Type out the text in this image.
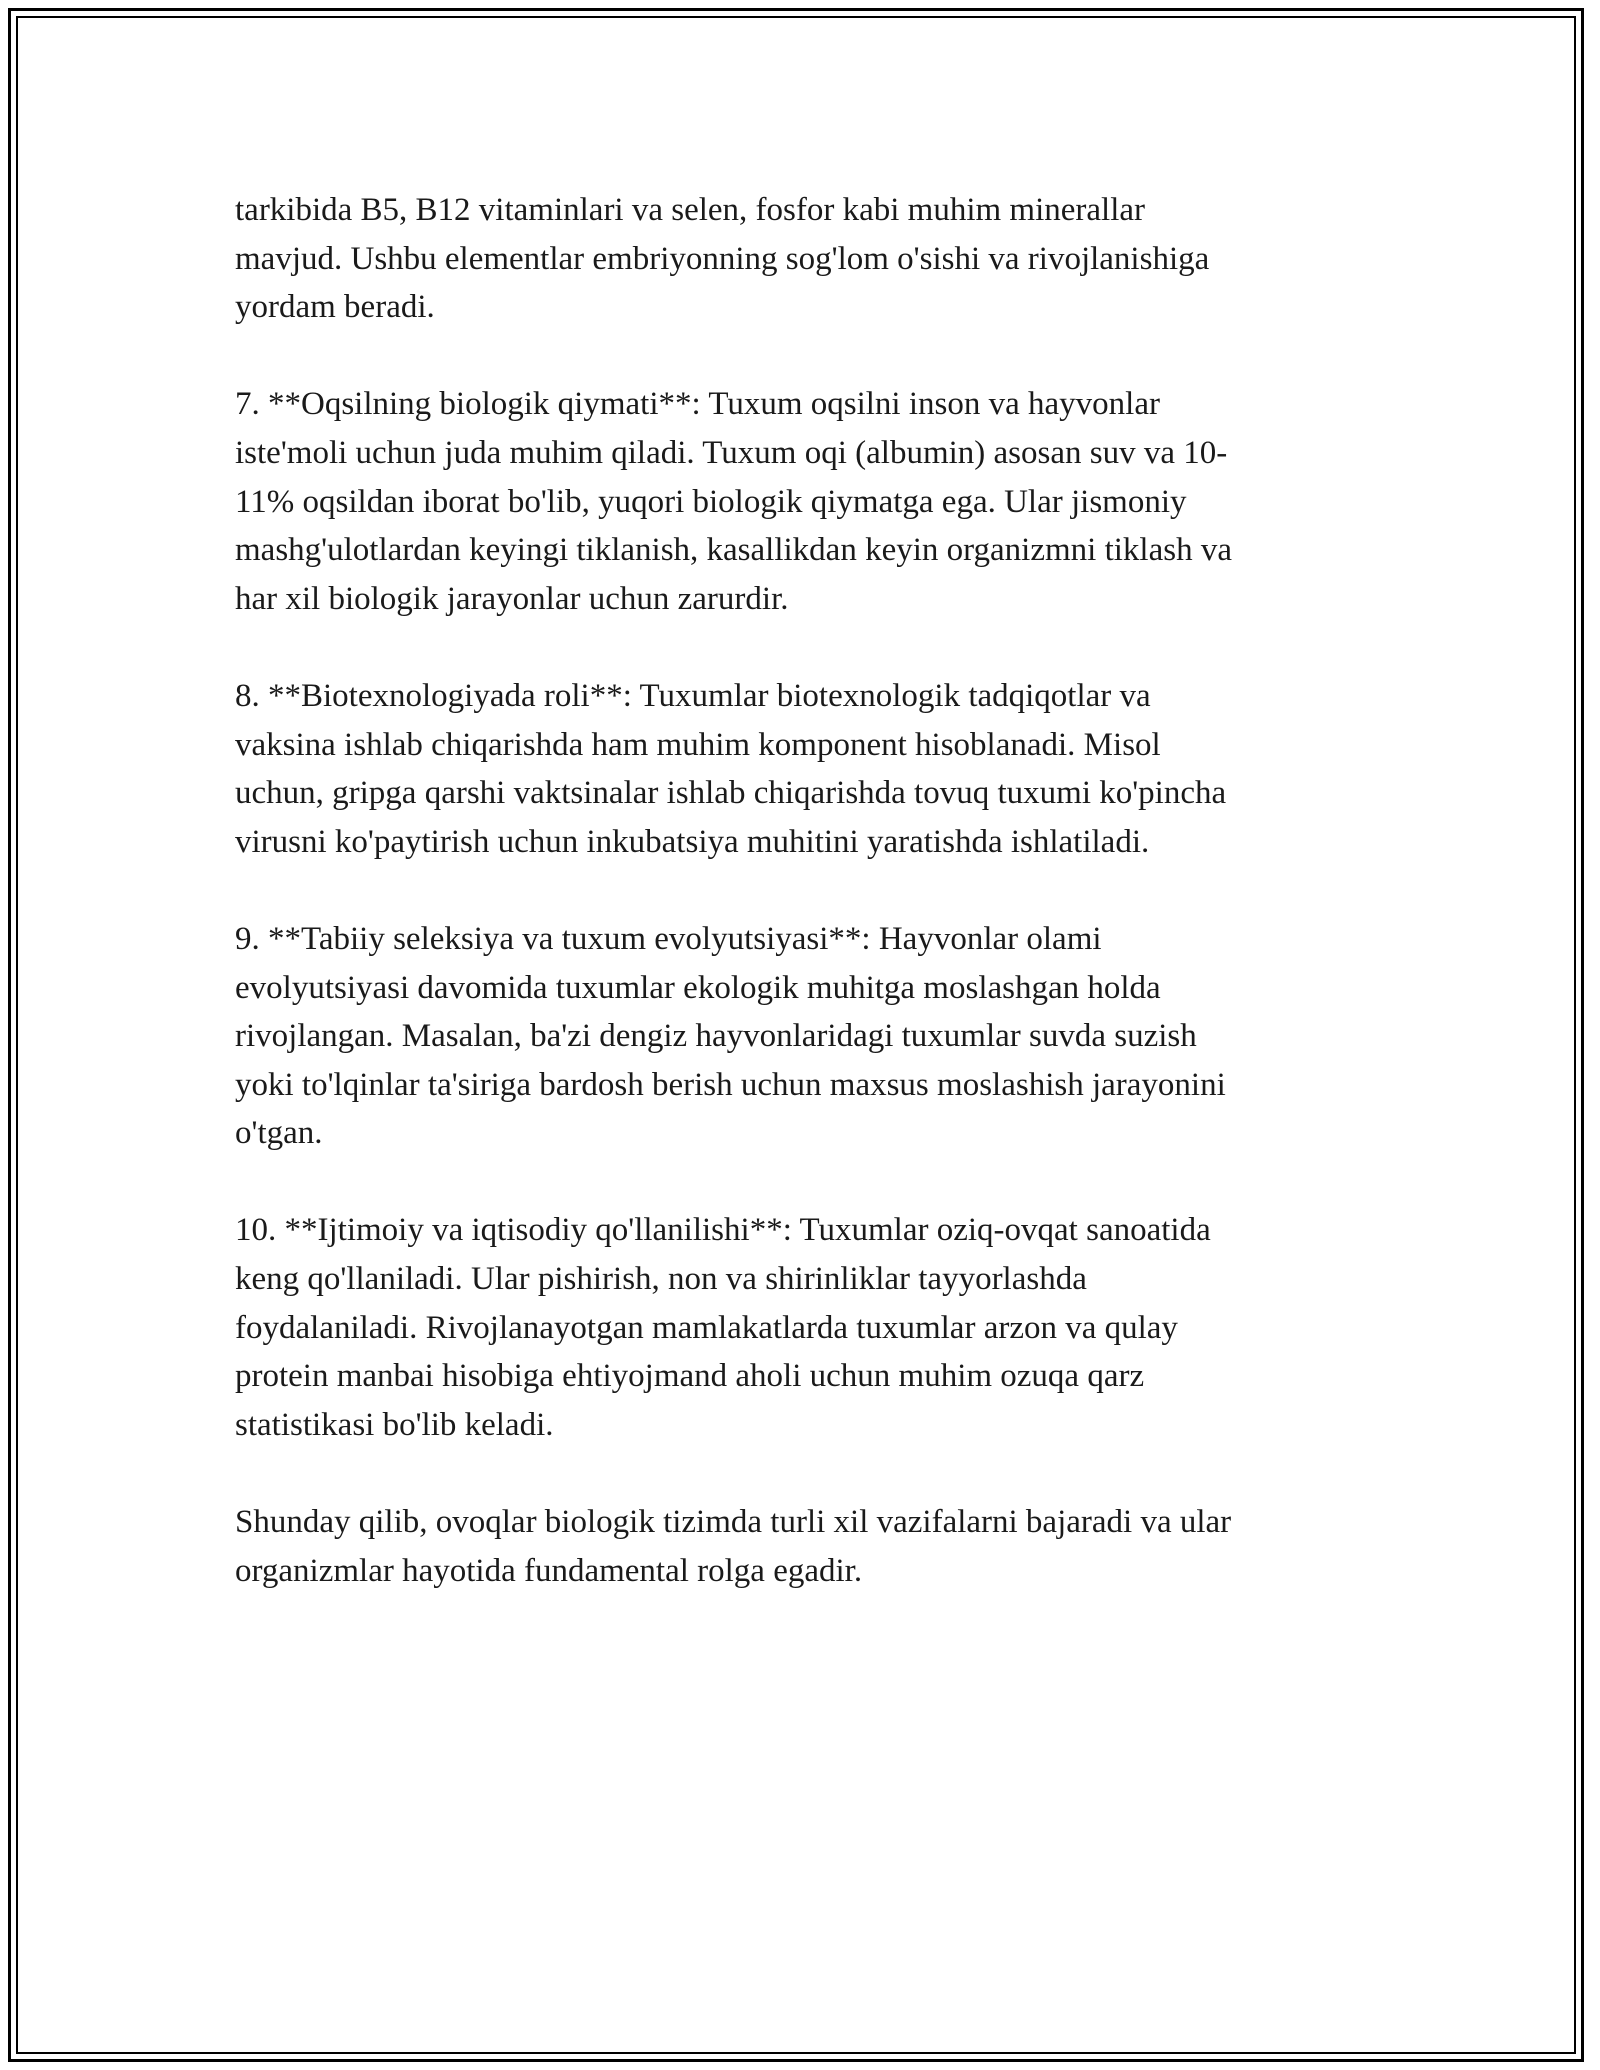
tarkibida B5, B12 vitaminlari va selen, fosfor kabi muhim minerallar
mavjud. Ushbu elementlar embriyonning sog'lom o'sishi va rivojlanishiga
yordam beradi.

7. **Oqsilning biologik qiymati**: Tuxum oqsilni inson va hayvonlar
iste'moli uchun juda muhim qiladi. Tuxum oqi (albumin) asosan suv va 10-
11% oqsildan iborat bo'lib, yuqori biologik qiymatga ega. Ular jismoniy
mashg'ulotlardan keyingi tiklanish, kasallikdan keyin organizmni tiklash va
har xil biologik jarayonlar uchun zarurdir.

8. **Biotexnologiyada roli**: Tuxumlar biotexnologik tadqiqotlar va
vaksina ishlab chiqarishda ham muhim komponent hisoblanadi. Misol
uchun, gripga qarshi vaktsinalar ishlab chiqarishda tovuq tuxumi ko'pincha
virusni ko'paytirish uchun inkubatsiya muhitini yaratishda ishlatiladi.

9. **Tabiiy seleksiya va tuxum evolyutsiyasi**: Hayvonlar olami
evolyutsiyasi davomida tuxumlar ekologik muhitga moslashgan holda
rivojlangan. Masalan, ba'zi dengiz hayvonlaridagi tuxumlar suvda suzish
yoki to'lqinlar ta'siriga bardosh berish uchun maxsus moslashish jarayonini
o'tgan.

10. **Ijtimoiy va iqtisodiy qo'llanilishi**: Tuxumlar oziq-ovqat sanoatida
keng qo'llaniladi. Ular pishirish, non va shirinliklar tayyorlashda
foydalaniladi. Rivojlanayotgan mamlakatlarda tuxumlar arzon va qulay
protein manbai hisobiga ehtiyojmand aholi uchun muhim ozuqa qarz
statistikasi bo'lib keladi.

Shunday qilib, ovoqlar biologik tizimda turli xil vazifalarni bajaradi va ular
organizmlar hayotida fundamental rolga egadir.
